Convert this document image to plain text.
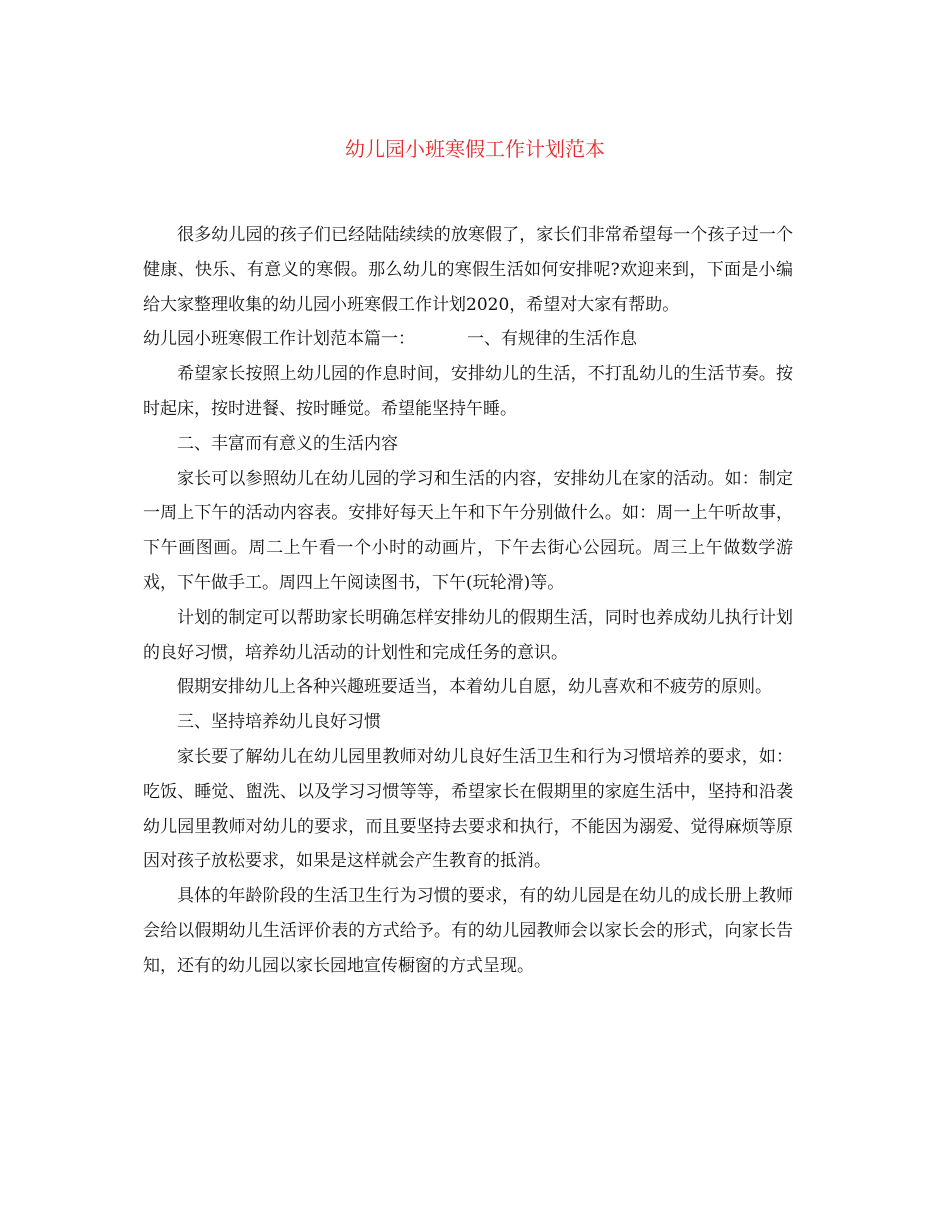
幼儿园小班寒假工作计划范本

很多幼儿园的孩子们已经陆陆续续的放寒假了，家长们非常希望每一个孩子过一个健康、快乐、有意义的寒假。那么幼儿的寒假生活如何安排呢?欢迎来到，下面是小编给大家整理收集的幼儿园小班寒假工作计划2020，希望对大家有帮助。

幼儿园小班寒假工作计划范本篇一：	一、有规律的生活作息

希望家长按照上幼儿园的作息时间，安排幼儿的生活，不打乱幼儿的生活节奏。按时起床，按时进餐、按时睡觉。希望能坚持午睡。

二、丰富而有意义的生活内容

家长可以参照幼儿在幼儿园的学习和生活的内容，安排幼儿在家的活动。如：制定一周上下午的活动内容表。安排好每天上午和下午分别做什么。如：周一上午听故事，下午画图画。周二上午看一个小时的动画片，下午去街心公园玩。周三上午做数学游戏，下午做手工。周四上午阅读图书，下午(玩轮滑)等。

计划的制定可以帮助家长明确怎样安排幼儿的假期生活，同时也养成幼儿执行计划的良好习惯，培养幼儿活动的计划性和完成任务的意识。

假期安排幼儿上各种兴趣班要适当，本着幼儿自愿，幼儿喜欢和不疲劳的原则。

三、坚持培养幼儿良好习惯

家长要了解幼儿在幼儿园里教师对幼儿良好生活卫生和行为习惯培养的要求，如：吃饭、睡觉、盥洗、以及学习习惯等等，希望家长在假期里的家庭生活中，坚持和沿袭幼儿园里教师对幼儿的要求，而且要坚持去要求和执行，不能因为溺爱、觉得麻烦等原因对孩子放松要求，如果是这样就会产生教育的抵消。

具体的年龄阶段的生活卫生行为习惯的要求，有的幼儿园是在幼儿的成长册上教师会给以假期幼儿生活评价表的方式给予。有的幼儿园教师会以家长会的形式，向家长告知，还有的幼儿园以家长园地宣传橱窗的方式呈现。
